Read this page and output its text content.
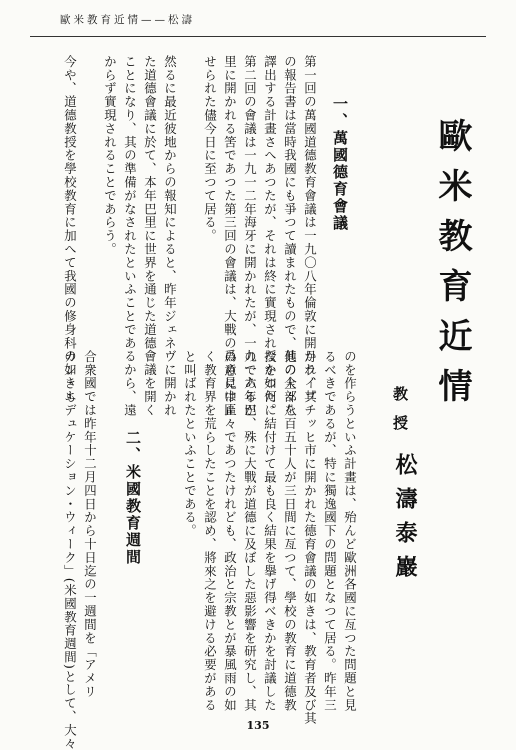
歐米教育近情——松濤
歐米教育近情
教授
松濤泰巖
一、萬國德育會議
第一回の萬國道德教育會議は一九〇八年倫敦に開かれ、其
の報告書は當時我國にも爭つて讀まれたもので、其の全部を
譯出する計畫さへあつたが、それは終に實現されなかつた。
第二回の會議は一九一二年海牙に開かれたが、一九一六年巴
里に開かれる筈であつた第三回の會議は、大戰の爲めに中止
せられた儘今日に至つて居る。
然るに最近彼地からの報知によると、昨年ジェネヴに開かれ
た道德會議に於て、本年巴里に世界を通じた道德會議を開く
ことになり、其の準備がなされたといふことであるから、遠
からず實現されることであらう。
今や、道德教授を學校教育に加へて我國の修身科の如きも
のを作らうといふ計畫は、殆んど歐洲各國に亙つた問題と見
るべきであるが、特に獨逸國下の問題となつて居る。昨年三
月ライプチッヒ市に開かれた德育會議の如きは、教育者及び其
他の人々八百五十人が三日間に亙つて、學校の教育に道德教
授を如何に結付けて最も良く結果を擧げ得べきかを討議した
のであるが、殊に大戰が道德に及ぼした惡影響を研究し、其
の意見は區々であつたけれども、政治と宗教とが暴風雨の如
く教育界を荒らしたことを認め、將來之を避ける必要がある
と叫ばれたといふことである。
二、米國教育週間
合衆國では昨年十二月四日から十日迄の一週間を「アメリ
カン・エデュケーション・ウィーク」(米國教育週間)として、大々	135
